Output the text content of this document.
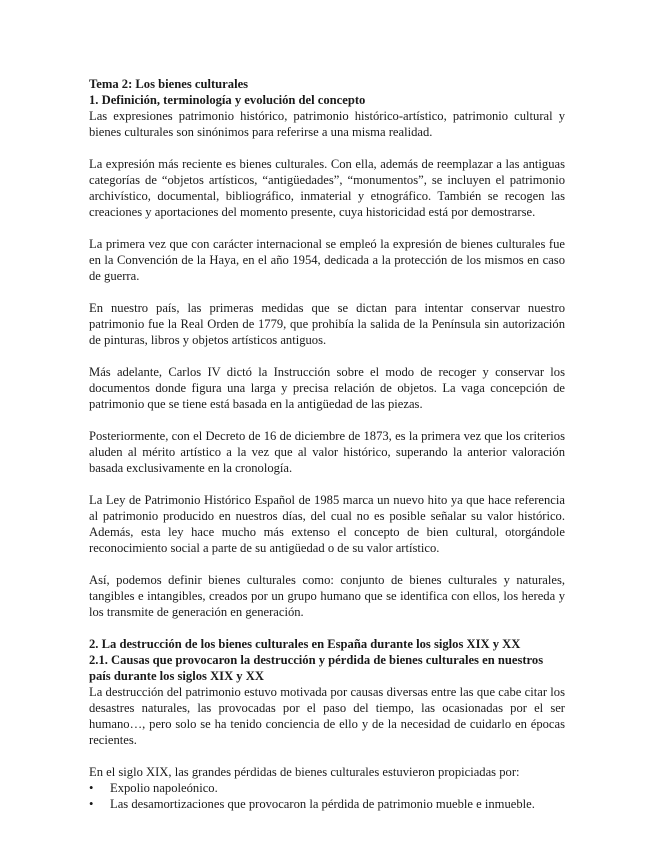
Tema 2: Los bienes culturales
1. Definición, terminología y evolución del concepto

Las expresiones patrimonio histórico, patrimonio histórico-artístico, patrimonio cultural y bienes culturales son sinónimos para referirse a una misma realidad.

La expresión más reciente es bienes culturales. Con ella, además de reemplazar a las antiguas categorías de “objetos artísticos, “antigüedades”, “monumentos”, se incluyen el patrimonio archivístico, documental, bibliográfico, inmaterial y etnográfico. También se recogen las creaciones y aportaciones del momento presente, cuya historicidad está por demostrarse.

La primera vez que con carácter internacional se empleó la expresión de bienes culturales fue en la Convención de la Haya, en el año 1954, dedicada a la protección de los mismos en caso de guerra.

En nuestro país, las primeras medidas que se dictan para intentar conservar nuestro patrimonio fue la Real Orden de 1779, que prohibía la salida de la Península sin autorización de pinturas, libros y objetos artísticos antiguos.

Más adelante, Carlos IV dictó la Instrucción sobre el modo de recoger y conservar los documentos donde figura una larga y precisa relación de objetos. La vaga concepción de patrimonio que se tiene está basada en la antigüedad de las piezas.

Posteriormente, con el Decreto de 16 de diciembre de 1873, es la primera vez que los criterios aluden al mérito artístico a la vez que al valor histórico, superando la anterior valoración basada exclusivamente en la cronología.

La Ley de Patrimonio Histórico Español de 1985 marca un nuevo hito ya que hace referencia al patrimonio producido en nuestros días, del cual no es posible señalar su valor histórico. Además, esta ley hace mucho más extenso el concepto de bien cultural, otorgándole reconocimiento social a parte de su antigüedad o de su valor artístico.

Así, podemos definir bienes culturales como: conjunto de bienes culturales y naturales, tangibles e intangibles, creados por un grupo humano que se identifica con ellos, los hereda y los transmite de generación en generación.

2. La destrucción de los bienes culturales en España durante los siglos XIX y XX
2.1. Causas que provocaron la destrucción y pérdida de bienes culturales en nuestros país durante los siglos XIX y XX

La destrucción del patrimonio estuvo motivada por causas diversas entre las que cabe citar los desastres naturales, las provocadas por el paso del tiempo, las ocasionadas por el ser humano…, pero solo se ha tenido conciencia de ello y de la necesidad de cuidarlo en épocas recientes.

En el siglo XIX, las grandes pérdidas de bienes culturales estuvieron propiciadas por:

• Expolio napoleónico.
• Las desamortizaciones que provocaron la pérdida de patrimonio mueble e inmueble.
